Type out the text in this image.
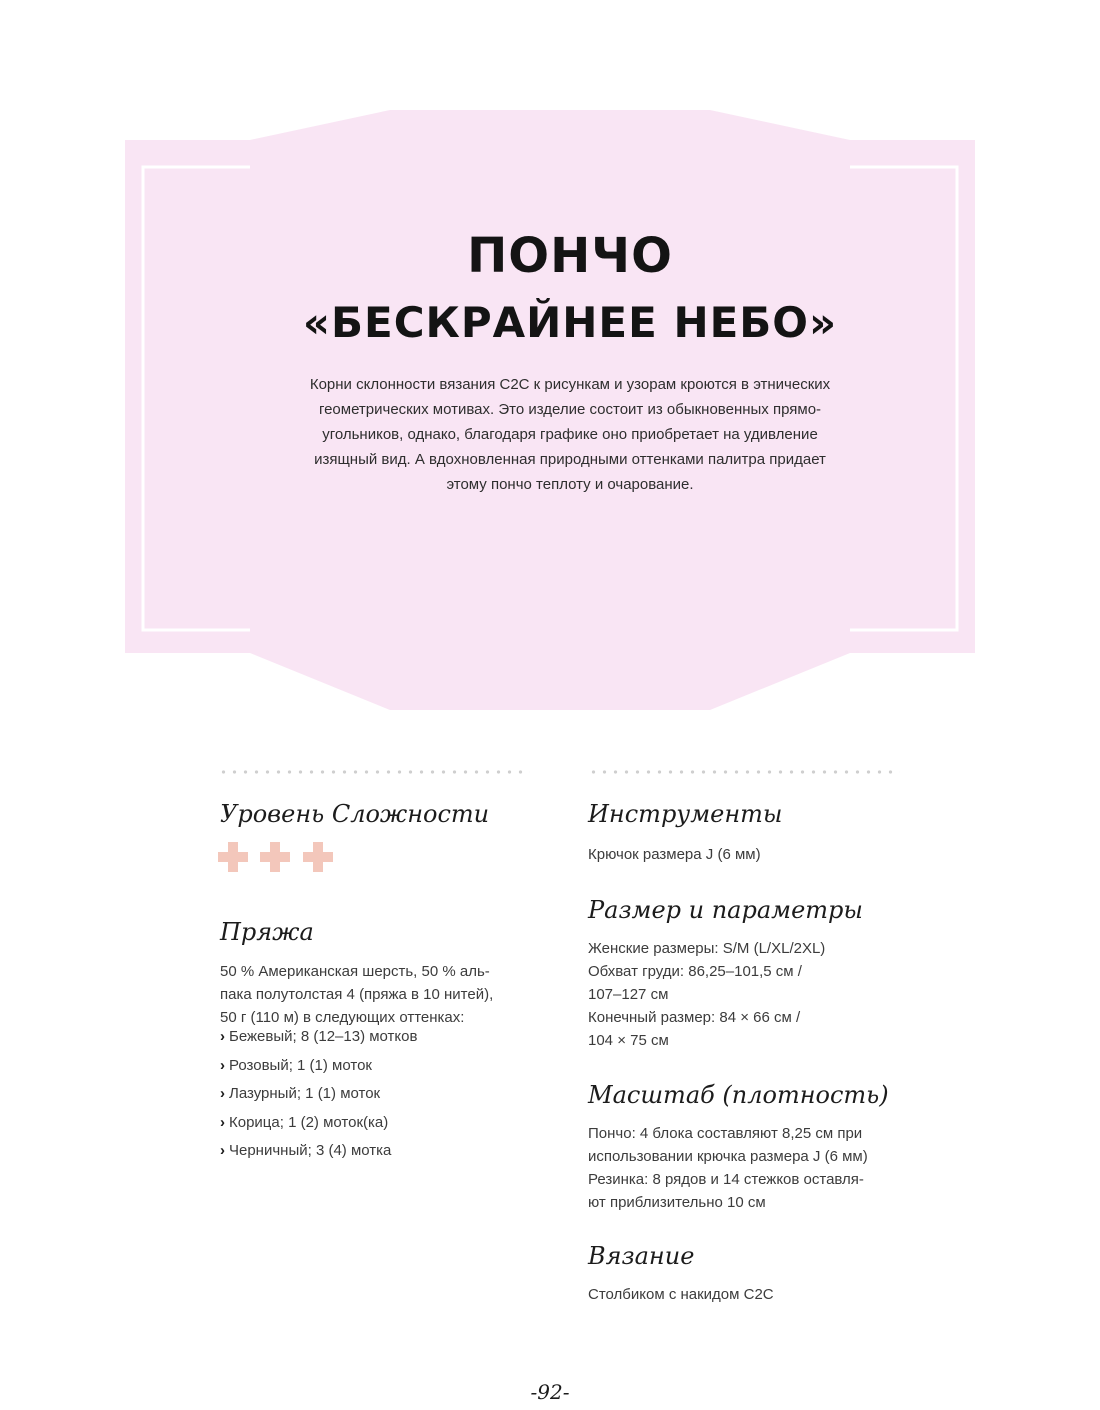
ПОНЧО
«БЕСКРАЙНЕЕ НЕБО»
Корни склонности вязания C2C к рисункам и узорам кроются в этнических
геометрических мотивах. Это изделие состоит из обыкновенных прямо-
угольников, однако, благодаря графике оно приобретает на удивление
изящный вид. А вдохновленная природными оттенками палитра придает
этому пончо теплоту и очарование.
Уровень Сложности

Пряжа
50 % Американская шерсть, 50 % аль-
пака полутолстая 4 (пряжа в 10 нитей),
50 г (110 м) в следующих оттенках:
› Бежевый; 8 (12–13) мотков
› Розовый; 1 (1) моток
› Лазурный; 1 (1) моток
› Корица; 1 (2) моток(ка)
› Черничный; 3 (4) мотка
Инструменты
Крючок размера J (6 мм)
Размер и параметры
Женские размеры: S/M (L/XL/2XL)
Обхват груди: 86,25–101,5 см /
107–127 см
Конечный размер: 84 × 66 см /
104 × 75 см
Масштаб (плотность)
Пончо: 4 блока составляют 8,25 см при
использовании крючка размера J (6 мм)
Резинка: 8 рядов и 14 стежков оставля-
ют приблизительно 10 см
Вязание
Столбиком с накидом C2C
-92-
